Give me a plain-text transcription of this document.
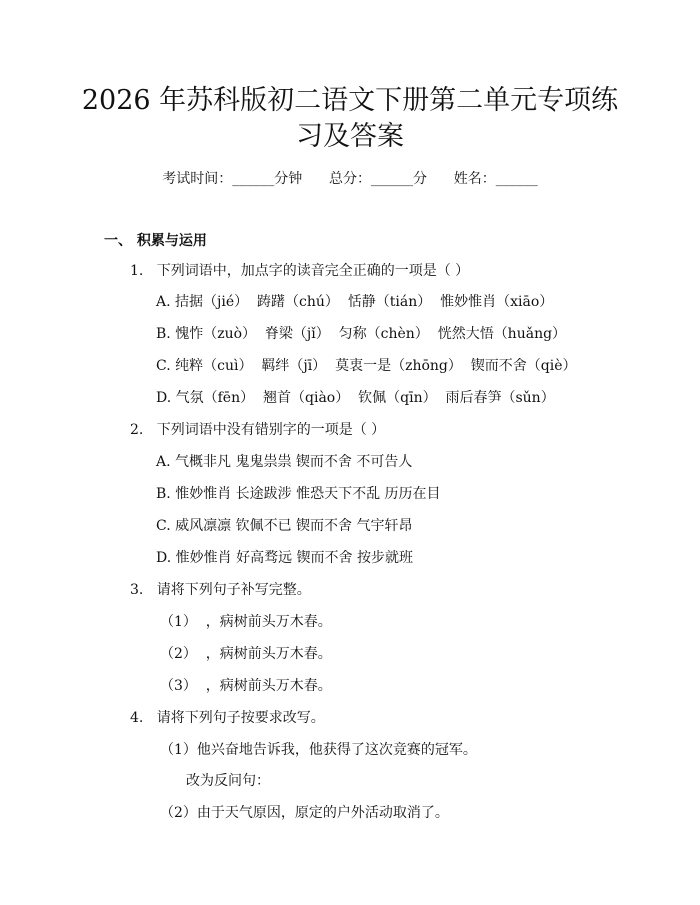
2026 年苏科版初二语文下册第二单元专项练
习及答案
考试时间：______分钟      总分：______分      姓名：______
一、 积累与运用
1.   下列词语中，加点字的读音完全正确的一项是（ ）
A. 拮据（jié）  踌躇（chú）  恬静（tián）  惟妙惟肖（xiāo）
B. 愧怍（zuò）  脊梁（jǐ）  匀称（chèn）  恍然大悟（huǎng）
C. 纯粹（cuì）  羁绊（jī）  莫衷一是（zhōng）  锲而不舍（qiè）
D. 气氛（fēn）  翘首（qiào）  钦佩（qīn）  雨后春笋（sǔn）
2.   下列词语中没有错别字的一项是（ ）
A. 气概非凡 鬼鬼祟祟 锲而不舍 不可告人
B. 惟妙惟肖 长途跋涉 惟恐天下不乱 历历在目
C. 威风凛凛 钦佩不已 锲而不舍 气宇轩昂
D. 惟妙惟肖 好高骛远 锲而不舍 按步就班
3.   请将下列句子补写完整。
（1）  ，病树前头万木春。
（2）  ，病树前头万木春。
（3）  ，病树前头万木春。
4.   请将下列句子按要求改写。
（1）他兴奋地告诉我，他获得了这次竞赛的冠军。
改为反问句：
（2）由于天气原因，原定的户外活动取消了。
